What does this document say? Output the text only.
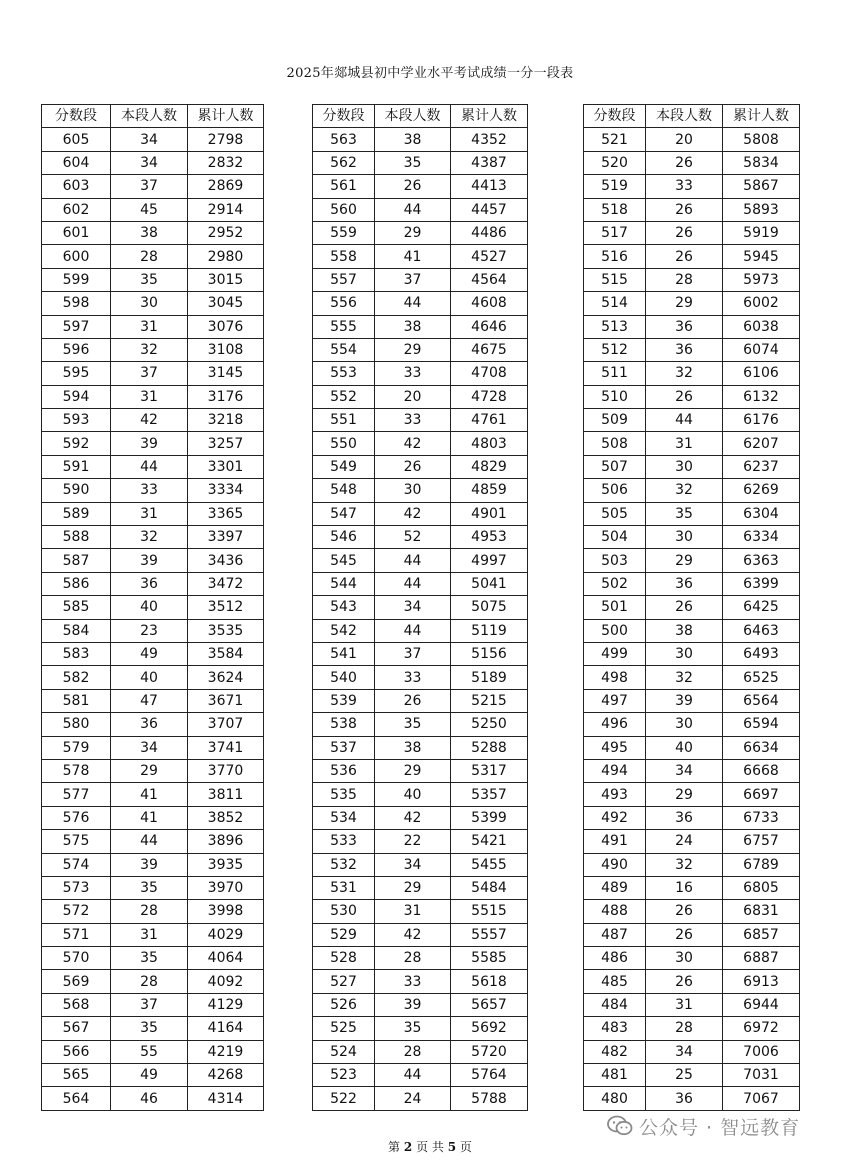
2025年郯城县初中学业水平考试成绩一分一段表
分数段	本段人数	累计人数
605	34	2798
604	34	2832
603	37	2869
602	45	2914
601	38	2952
600	28	2980
599	35	3015
598	30	3045
597	31	3076
596	32	3108
595	37	3145
594	31	3176
593	42	3218
592	39	3257
591	44	3301
590	33	3334
589	31	3365
588	32	3397
587	39	3436
586	36	3472
585	40	3512
584	23	3535
583	49	3584
582	40	3624
581	47	3671
580	36	3707
579	34	3741
578	29	3770
577	41	3811
576	41	3852
575	44	3896
574	39	3935
573	35	3970
572	28	3998
571	31	4029
570	35	4064
569	28	4092
568	37	4129
567	35	4164
566	55	4219
565	49	4268
564	46	4314
分数段	本段人数	累计人数
563	38	4352
562	35	4387
561	26	4413
560	44	4457
559	29	4486
558	41	4527
557	37	4564
556	44	4608
555	38	4646
554	29	4675
553	33	4708
552	20	4728
551	33	4761
550	42	4803
549	26	4829
548	30	4859
547	42	4901
546	52	4953
545	44	4997
544	44	5041
543	34	5075
542	44	5119
541	37	5156
540	33	5189
539	26	5215
538	35	5250
537	38	5288
536	29	5317
535	40	5357
534	42	5399
533	22	5421
532	34	5455
531	29	5484
530	31	5515
529	42	5557
528	28	5585
527	33	5618
526	39	5657
525	35	5692
524	28	5720
523	44	5764
522	24	5788
分数段	本段人数	累计人数
521	20	5808
520	26	5834
519	33	5867
518	26	5893
517	26	5919
516	26	5945
515	28	5973
514	29	6002
513	36	6038
512	36	6074
511	32	6106
510	26	6132
509	44	6176
508	31	6207
507	30	6237
506	32	6269
505	35	6304
504	30	6334
503	29	6363
502	36	6399
501	26	6425
500	38	6463
499	30	6493
498	32	6525
497	39	6564
496	30	6594
495	40	6634
494	34	6668
493	29	6697
492	36	6733
491	24	6757
490	32	6789
489	16	6805
488	26	6831
487	26	6857
486	30	6887
485	26	6913
484	31	6944
483	28	6972
482	34	7006
481	25	7031
480	36	7067
公众号 · 智远教育
第 2 页 共 5 页
